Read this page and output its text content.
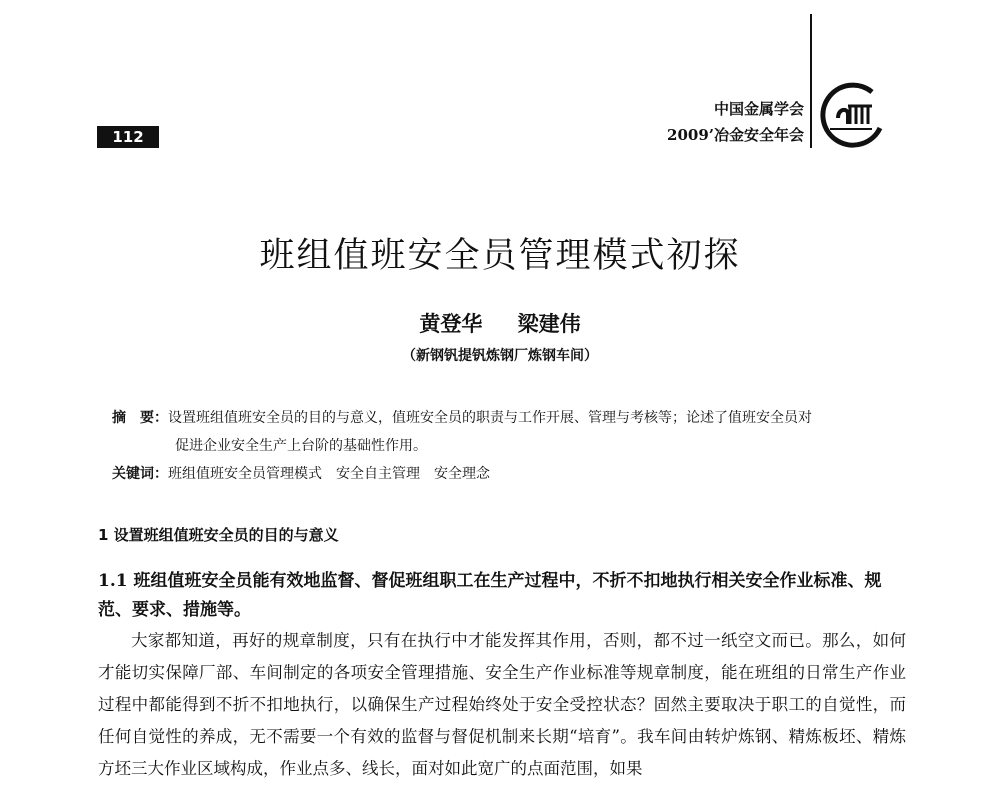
112
中国金属学会
2009’冶金安全年会
班组值班安全员管理模式初探
黄登华 梁建伟
（新钢钒提钒炼钢厂炼钢车间）
摘　要：设置班组值班安全员的目的与意义，值班安全员的职责与工作开展、管理与考核等；论述了值班安全员对
促进企业安全生产上台阶的基础性作用。
关键词：班组值班安全员管理模式　安全自主管理　安全理念
1 设置班组值班安全员的目的与意义
1.1 班组值班安全员能有效地监督、督促班组职工在生产过程中，不折不扣地执行相关安全作业标准、规范、要求、措施等。

大家都知道，再好的规章制度，只有在执行中才能发挥其作用，否则，都不过一纸空文而已。那么，如何才能切实保障厂部、车间制定的各项安全管理措施、安全生产作业标准等规章制度，能在班组的日常生产作业过程中都能得到不折不扣地执行，以确保生产过程始终处于安全受控状态？固然主要取决于职工的自觉性，而任何自觉性的养成，无不需要一个有效的监督与督促机制来长期“培育”。我车间由转炉炼钢、精炼板坯、精炼方坯三大作业区域构成，作业点多、线长，面对如此宽广的点面范围，如果
